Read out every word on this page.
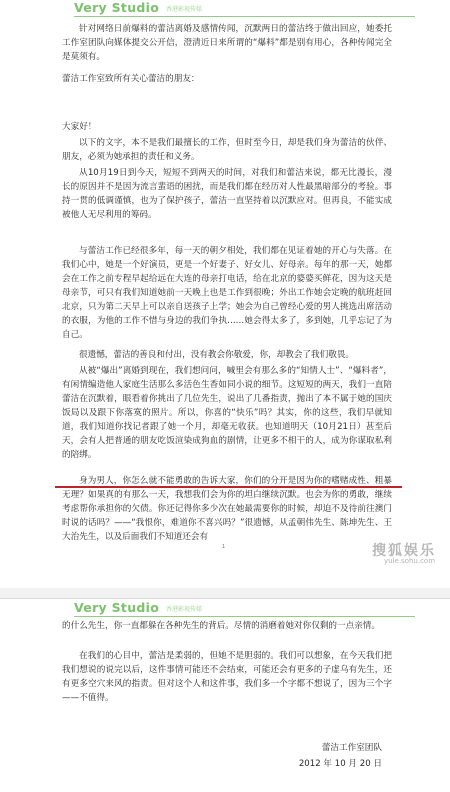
Very Studio 香港影视传媒

针对网络日前爆料的蕾洁离婚及感情传闻，沉默两日的蕾洁终于做出回应，她委托工作室团队向媒体提交公开信，澄清近日来所谓的“爆料”都是别有用心，各种传闻完全是莫须有。

蕾洁工作室致所有关心蕾洁的朋友：

大家好！

以下的文字，本不是我们最擅长的工作，但时至今日，却是我们身为蕾洁的伙伴、朋友，必须为她承担的责任和义务。

从10月19日到今天，短短不到两天的时间，对我们和蕾洁来说，都无比漫长，漫长的原因并不是因为流言蜚语的困扰，而是我们都在经历对人性最黑暗部分的考验。事持一贯的低调谨慎，也为了保护孩子，蕾洁一直坚持着以沉默应对。但再良，不能实成被他人无尽利用的筹码。

与蕾洁工作已经很多年，每一天的朝夕相处，我们都在见证着她的开心与失落。在我们心中，她是一个好演员，更是一个好妻子、好女儿、好母亲。每年的那一天，她都会在工作之前专程早起给远在大连的母亲打电话，给在北京的婆婆买鲜花，因为这天是母亲节，可只有我们知道她前一天晚上也是工作到很晚；外出工作她会定晚的航班赶回北京，只为第二天早上可以亲自送孩子上学；她会为自己曾经心爱的男人挑选出席活动的衣服，为他的工作不惜与身边的我们争执……她会得太多了，多到她，几乎忘记了为自己。

很遗憾，蕾洁的善良和付出，没有教会你敬爱，你，却教会了我们敬畏。

从被“爆出”离婚到现在，我们想问问，喊里会有那么多的“知情人士”、“爆料者”，有闲情编造他人家庭生活那么多活色生香如同小说的细节。这短短的两天，我们一直陪蕾洁在沉默着，眼看着你挑出了几位先生，说出了几番指责，抛出了本不属于她的国庆饭局以及跟下你落寞的照片。所以，你喜的“快乐”吗？其实，你的这些，我们早就知道，我们知道你找记者跟了她一个月，却毫无收获。也知道明天（10月21日）甚至后天，会有人把普通的朋友吃饭渲染成狗血的剧情，让更多不相干的人，成为你谋取私利的陪绑。

身为男人，你怎么就不能勇敢的告诉大家，你们的分开是因为你的嗜赌成性、粗暴无理？如果真的有那么一天，我想我们会为你的坦白继续沉默。也会为你的勇敢，继续考虑帮你承担你的欠债。你还记得你多少次在她最需要你的时候，却迫不及待前往澳门时说的话吗？——“我恨你，难道你不喜兴吗？”很遗憾，从孟朝伟先生、陈坤先生、王大治先生，以及后面我们不知道还会有

1	搜狐娱乐
yule.sohu.com
Very Studio 香港影视传媒

的什么先生，你一直都躲在各种先生的背后。尽情的消磨着她对你仅剩的一点亲情。

在我们的心目中，蕾洁是柔弱的，但她不是胆弱的。我们可以想象，在今天我们把我们想说的说完以后，这件事情可能还不会结束，可能还会有更多的子虚乌有先生，还有更多空穴来风的指责。但对这个人和这件事，我们多一个字都不想说了，因为三个字——不值得。

蕾洁工作室团队

2012 年 10 月 20 日
